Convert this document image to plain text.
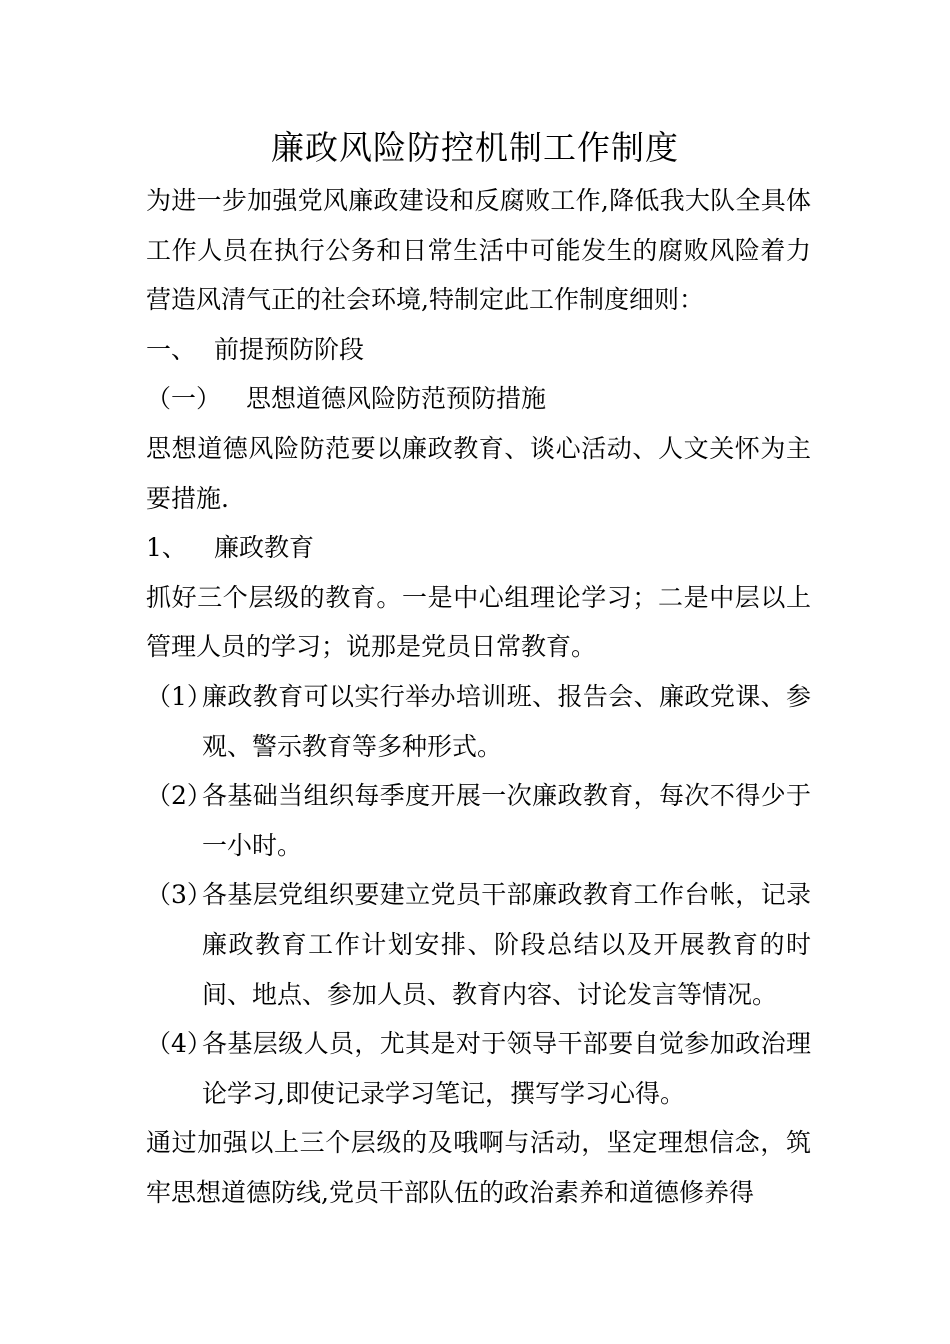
廉政风险防控机制工作制度

为进一步加强党风廉政建设和反腐败工作,降低我大队全具体工作人员在执行公务和日常生活中可能发生的腐败风险着力营造风清气正的社会环境,特制定此工作制度细则：

一、 前提预防阶段

（一） 思想道德风险防范预防措施

思想道德风险防范要以廉政教育、谈心活动、人文关怀为主要措施.

1、 廉政教育

抓好三个层级的教育。一是中心组理论学习；二是中层以上管理人员的学习；说那是党员日常教育。

（1）
廉政教育可以实行举办培训班、报告会、廉政党课、参观、警示教育等多种形式。

（2）
各基础当组织每季度开展一次廉政教育，每次不得少于一小时。

（3）
各基层党组织要建立党员干部廉政教育工作台帐，记录廉政教育工作计划安排、阶段总结以及开展教育的时间、地点、参加人员、教育内容、讨论发言等情况。

（4）
各基层级人员，尤其是对于领导干部要自觉参加政治理论学习,即使记录学习笔记，撰写学习心得。

通过加强以上三个层级的及哦啊与活动，坚定理想信念，筑牢思想道德防线,党员干部队伍的政治素养和道德修养得
